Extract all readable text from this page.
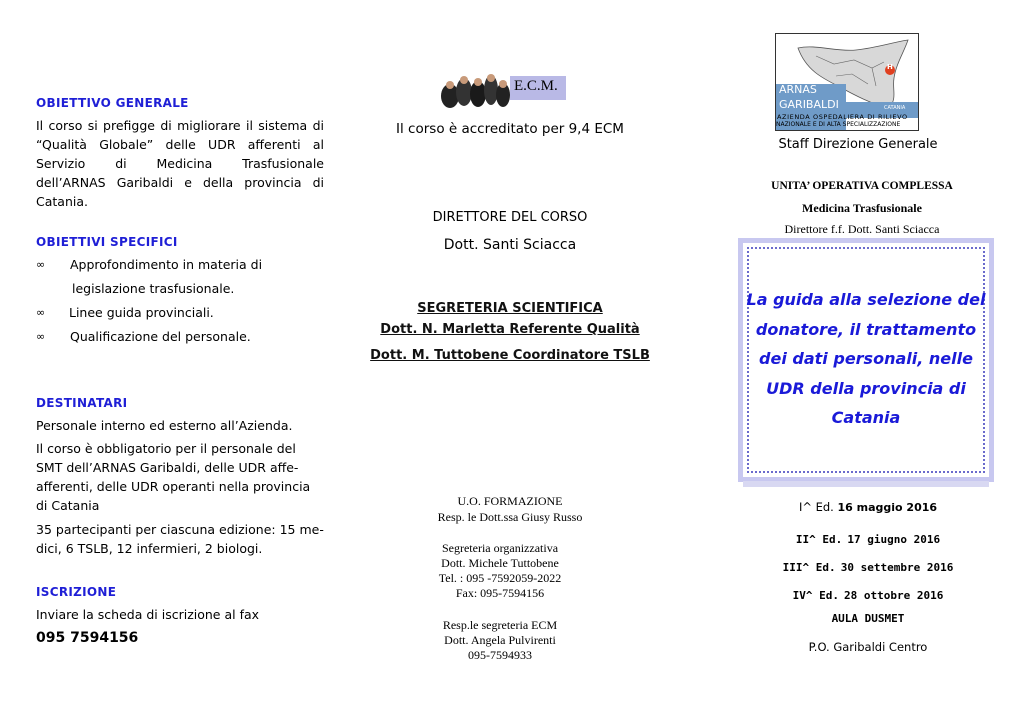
OBIETTIVO GENERALE
Il corso si prefigge di migliorare il sistema di
“Qualità Globale” delle UDR afferenti al
Servizio di Medicina Trasfusionale
dell’ARNAS Garibaldi e della provincia di
Catania.
OBIETTIVI SPECIFICI
∞	Approfondimento in materia di
legislazione trasfusionale.
∞	Linee guida provinciali.
∞	Qualificazione del personale.
DESTINATARI
Personale interno ed esterno all’Azienda.
Il corso è obbligatorio per il personale del
SMT dell’ARNAS Garibaldi, delle UDR affe-
afferenti, delle UDR operanti nella provincia
di Catania
35 partecipanti per ciascuna edizione: 15 me-
dici, 6 TSLB, 12 infermieri, 2 biologi.
ISCRIZIONE
Inviare la scheda di iscrizione al fax
095 7594156
E.C.M.
Il corso è accreditato per 9,4 ECM
DIRETTORE DEL CORSO
Dott. Santi Sciacca
SEGRETERIA SCIENTIFICA
Dott. N. Marletta Referente Qualità
Dott. M. Tuttobene Coordinatore TSLB
U.O. FORMAZIONE
Resp. le Dott.ssa Giusy Russo
Segreteria organizzativa
Dott. Michele Tuttobene
Tel. : 095 -7592059-2022
Fax: 095-7594156
Resp.le segreteria ECM
Dott. Angela Pulvirenti
095-7594933
H
ARNAS
GARIBALDI	CATANIA
AZIENDA OSPEDALIERA DI RILIEVO
NAZIONALE E DI ALTA SPECIALIZZAZIONE
Staff Direzione Generale
UNITA’ OPERATIVA COMPLESSA
Medicina Trasfusionale
Direttore f.f. Dott. Santi Sciacca
La guida alla selezione del
donatore, il trattamento
dei dati personali, nelle
UDR della provincia di
Catania
I^ Ed. 16 maggio 2016
II^ Ed. 17 giugno 2016
III^ Ed. 30 settembre 2016
IV^ Ed. 28 ottobre 2016
AULA DUSMET
P.O. Garibaldi Centro
